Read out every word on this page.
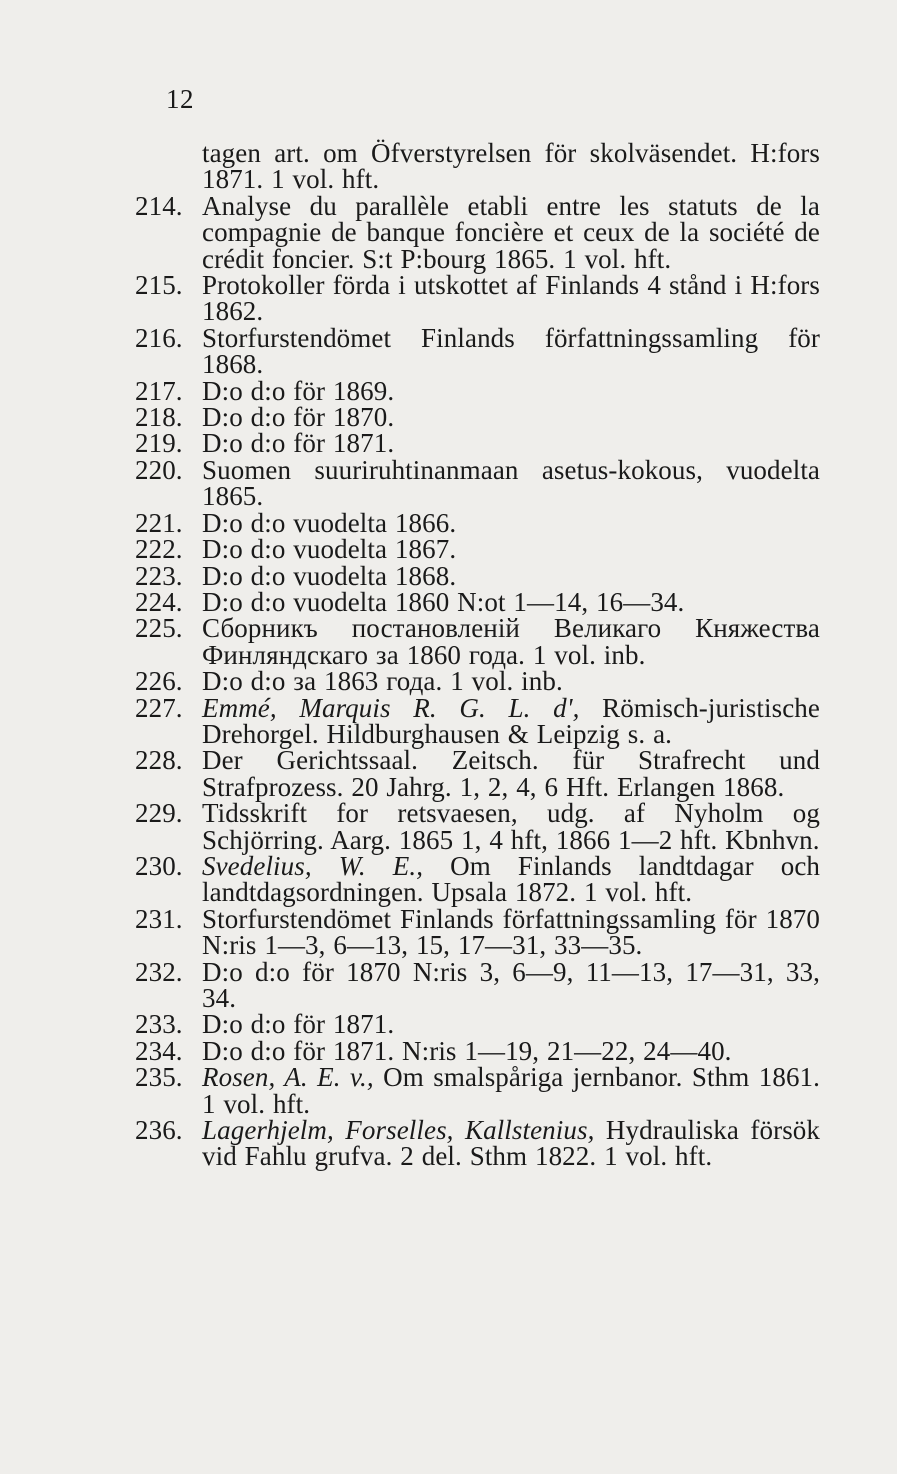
12
tagen art. om Öfverstyrelsen för skolväsendet. H:fors 1871. 1 vol. hft.
214. Analyse du parallèle etabli entre les statuts de la compagnie de banque foncière et ceux de la société de crédit foncier. S:t P:bourg 1865. 1 vol. hft.
215. Protokoller förda i utskottet af Finlands 4 stånd i H:fors 1862.
216. Storfurstendömet Finlands författningssamling för 1868.
217. D:o d:o för 1869.
218. D:o d:o för 1870.
219. D:o d:o för 1871.
220. Suomen suuriruhtinanmaan asetus-kokous, vuodelta 1865.
221. D:o d:o vuodelta 1866.
222. D:o d:o vuodelta 1867.
223. D:o d:o vuodelta 1868.
224. D:o d:o vuodelta 1860 N:ot 1—14, 16—34.
225. Сборникъ постановленій Великаго Княжества Финляндскаго за 1860 года. 1 vol. inb.
226. D:o d:o за 1863 года. 1 vol. inb.
227. Emmé, Marquis R. G. L. d', Römisch-juristische Drehorgel. Hildburghausen & Leipzig s. a.
228. Der Gerichtssaal. Zeitsch. für Strafrecht und Strafprozess. 20 Jahrg. 1, 2, 4, 6 Hft. Erlangen 1868.
229. Tidsskrift for retsvaesen, udg. af Nyholm og Schjörring. Aarg. 1865 1, 4 hft, 1866 1—2 hft. Kbnhvn.
230. Svedelius, W. E., Om Finlands landtdagar och landtdagsordningen. Upsala 1872. 1 vol. hft.
231. Storfurstendömet Finlands författningssamling för 1870 N:ris 1—3, 6—13, 15, 17—31, 33—35.
232. D:o d:o för 1870 N:ris 3, 6—9, 11—13, 17—31, 33, 34.
233. D:o d:o för 1871.
234. D:o d:o för 1871. N:ris 1—19, 21—22, 24—40.
235. Rosen, A. E. v., Om smalspåriga jernbanor. Sthm 1861. 1 vol. hft.
236. Lagerhjelm, Forselles, Kallstenius, Hydrauliska försök vid Fahlu grufva. 2 del. Sthm 1822. 1 vol. hft.
